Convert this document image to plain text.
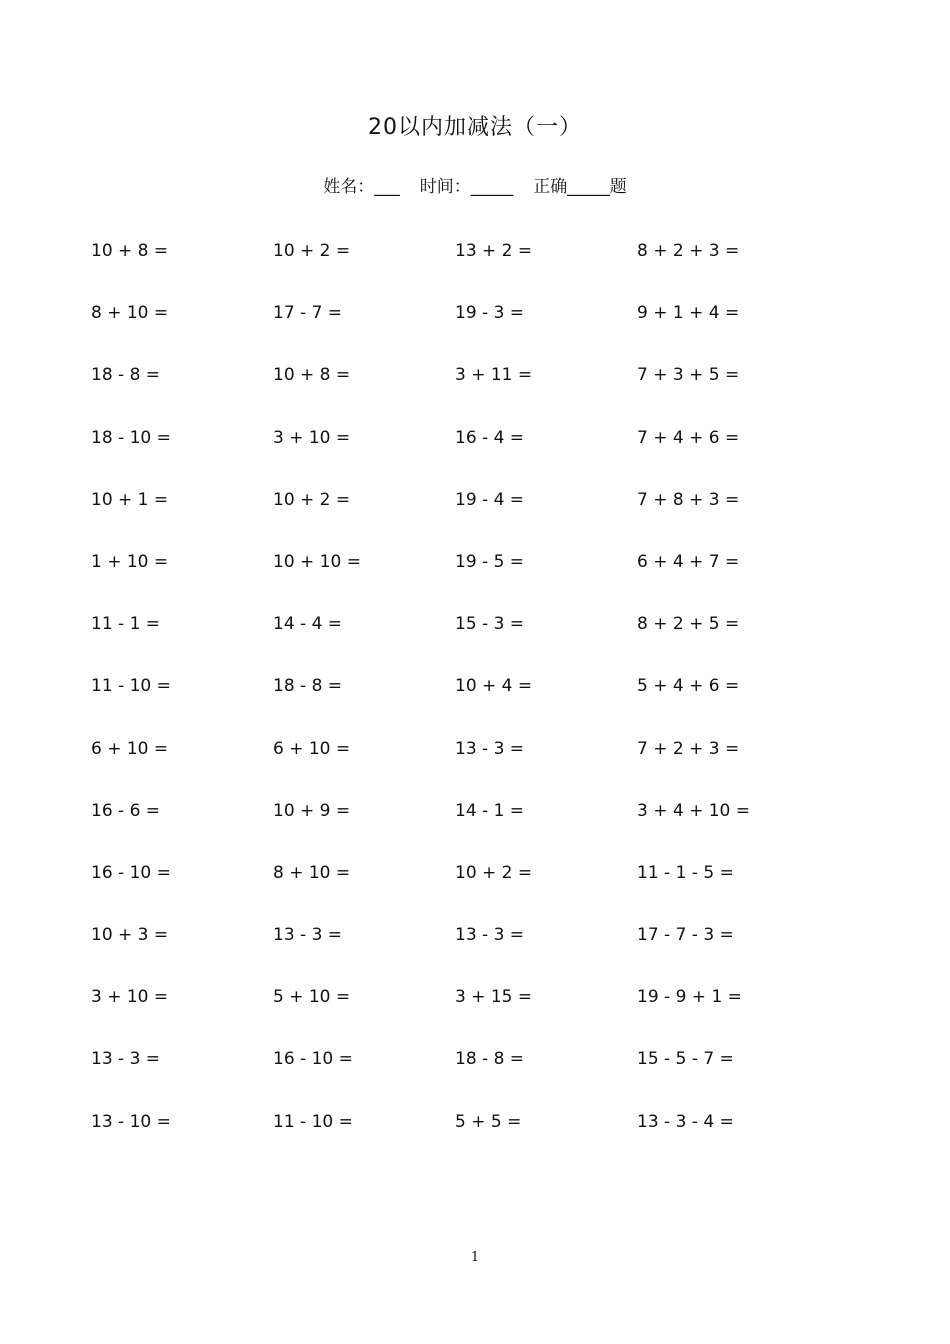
20以内加减法（一）
姓名：___ 时间：_____ 正确_____题
10 + 8 =	10 + 2 =	13 + 2 =	8 + 2 + 3 =
8 + 10 =	17 - 7 =	19 - 3 =	9 + 1 + 4 =
18 - 8 =	10 + 8 =	3 + 11 =	7 + 3 + 5 =
18 - 10 =	3 + 10 =	16 - 4 =	7 + 4 + 6 =
10 + 1 =	10 + 2 =	19 - 4 =	7 + 8 + 3 =
1 + 10 =	10 + 10 =	19 - 5 =	6 + 4 + 7 =
11 - 1 =	14 - 4 =	15 - 3 =	8 + 2 + 5 =
11 - 10 =	18 - 8 =	10 + 4 =	5 + 4 + 6 =
6 + 10 =	6 + 10 =	13 - 3 =	7 + 2 + 3 =
16 - 6 =	10 + 9 =	14 - 1 =	3 + 4 + 10 =
16 - 10 =	8 + 10 =	10 + 2 =	11 - 1 - 5 =
10 + 3 =	13 - 3 =	13 - 3 =	17 - 7 - 3 =
3 + 10 =	5 + 10 =	3 + 15 =	19 - 9 + 1 =
13 - 3 =	16 - 10 =	18 - 8 =	15 - 5 - 7 =
13 - 10 =	11 - 10 =	5 + 5 =	13 - 3 - 4 =
1
